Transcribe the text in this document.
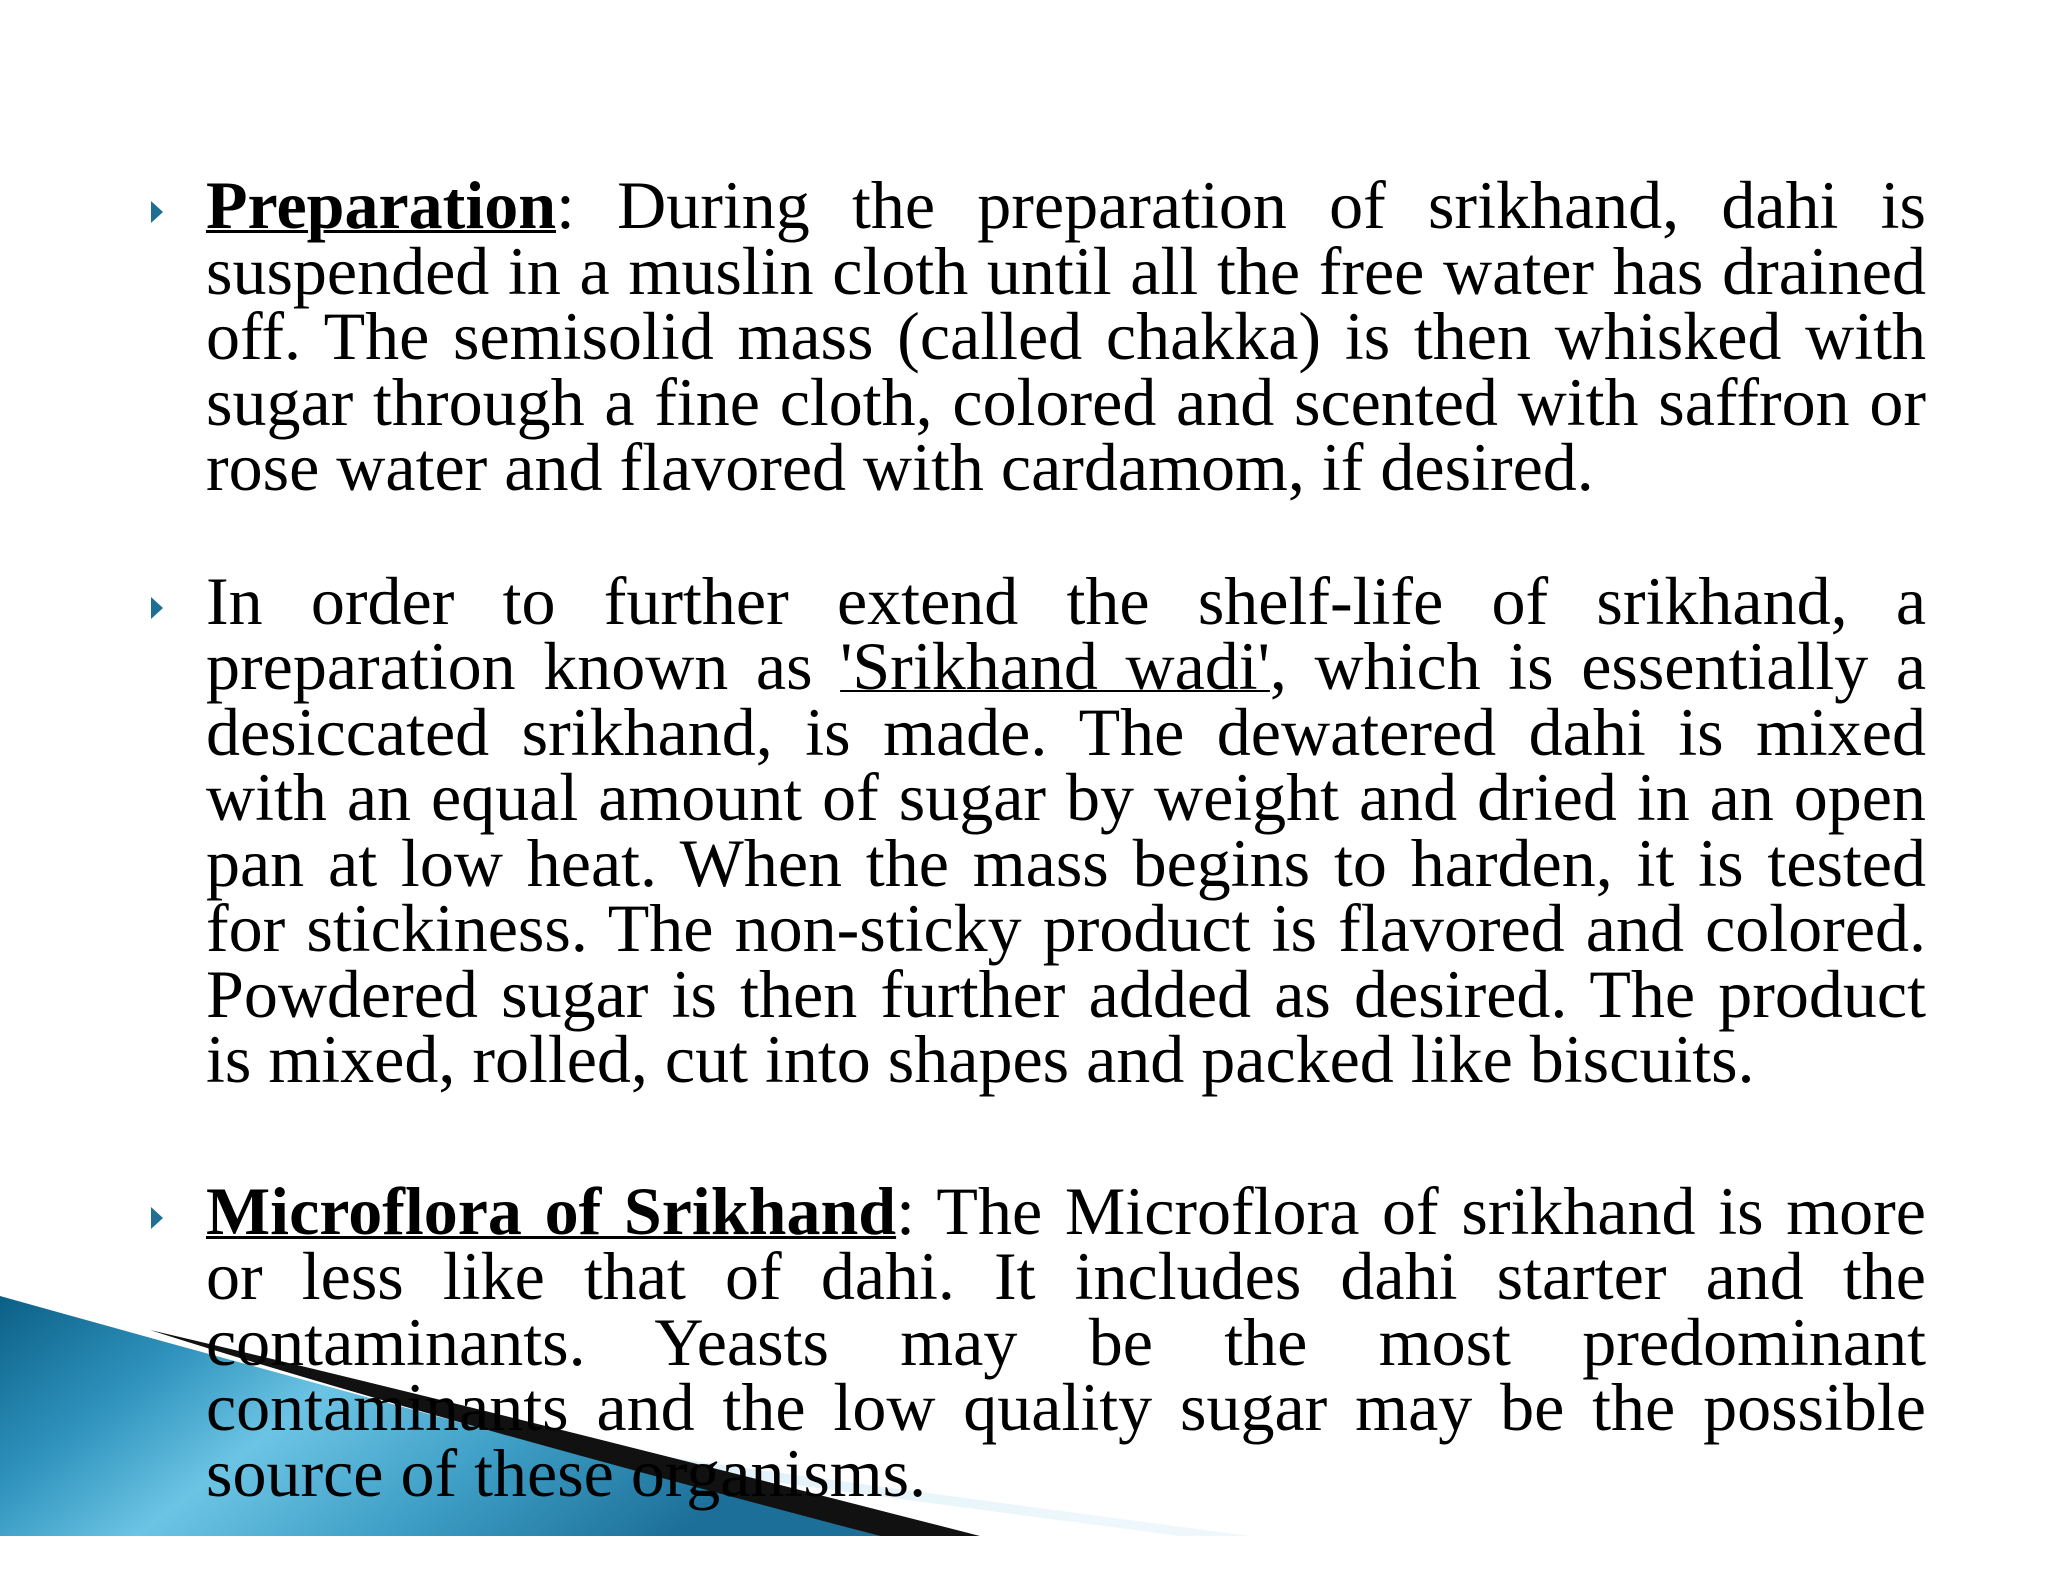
Preparation: During the preparation of srikhand, dahi is suspended in a muslin cloth until all the free water has drained off. The semisolid mass (called chakka) is then whisked with sugar through a fine cloth, colored and scented with saffron or rose water and flavored with cardamom, if desired.

In order to further extend the shelf-life of srikhand, a preparation known as 'Srikhand wadi', which is essentially a desiccated srikhand, is made. The dewatered dahi is mixed with an equal amount of sugar by weight and dried in an open pan at low heat. When the mass begins to harden, it is tested for stickiness. The non-sticky product is flavored and colored. Powdered sugar is then further added as desired. The product is mixed, rolled, cut into shapes and packed like biscuits.

Microflora of Srikhand: The Microflora of srikhand is more or less like that of dahi. It includes dahi starter and the contaminants. Yeasts may be the most predominant contaminants and the low quality sugar may be the possible source of these organisms.
